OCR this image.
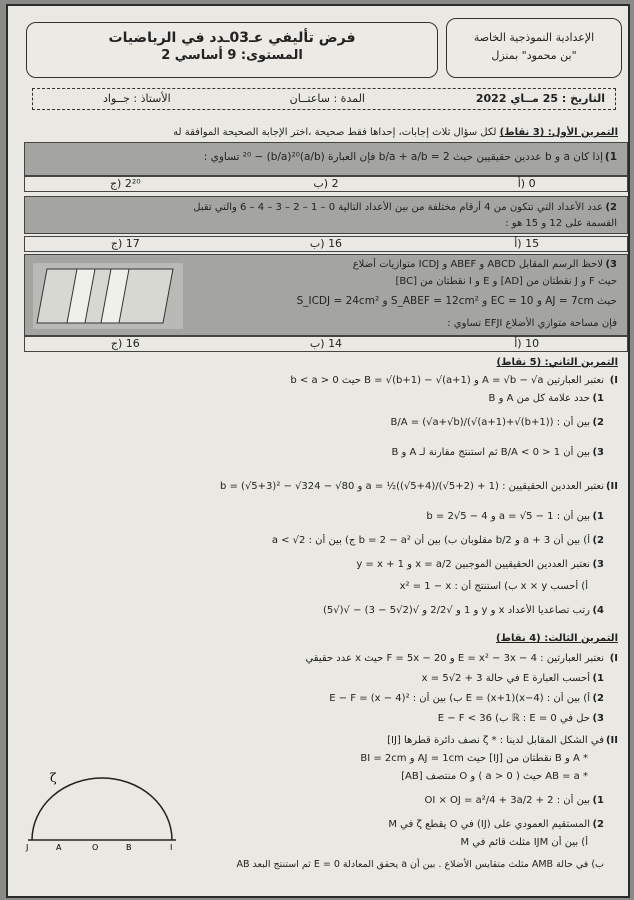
الإعدادية النموذجية الخاصة
"بن محمود" بمنزل
فرض تأليفي عـ03ـدد في الرياضيات
المستوى: 9 أساسي 2
التاريخ : 25 مــاي 2022
المدة : ساعتــان
الأستاذ : جــواد
التمرين الأول: (3 نقاط) لكل سؤال ثلاث إجابات، إحداها فقط صحيحة ،اختر الإجابة الصحيحة الموافقة له
1)إذا كان a و b عددين حقيقيين حيث 2 = b/a + a/b فإن العبارة (a/b)²⁰ − (b/a)²⁰ تساوي :
0 (أ
2 (ب
2²⁰ (ج
2)عدد الأعداد التي تتكون من 4 أرقام مختلفة من بين الأعداد التالية 0 – 1 – 2 – 3 – 4 – 6 والتي تقبل
القسمة على 12 و 15 هو :
15 (أ
16 (ب
17 (ج
3)لاحظ الرسم المقابل ABCD و ABEF و ICDJ متوازيات أضلاع
حيث F و J نقطتان من [AD] و E و I نقطتان من [BC]
حيث AJ = 7cm و EC = 10 و S_ABEF = 12cm² و S_ICDJ = 24cm²
فإن مساحة متوازي الأضلاع EFJI تساوي :
10 (أ
14 (ب
16 (ج
التمرين الثاني: (5 نقاط)
I)نعتبر العبارتين A = √b − √a و B = √(b+1) − √(a+1) حيث 0 < b < a
1)حدد علامة كل من A و B
2)بين أن : B/A = (√a+√b)/(√(a+1)+√(b+1))
3)بين أن 1 < B/A < 0 ثم استنتج مقارنة لـ A و B
II)نعتبر العددين الحقيقيين : a = ½((√5+4)/(√5+2) + 1) و b = (√5+3)² − √324 − √80
1)بين أن : a = √5 − 1 و b = 2√5 − 4
2)أ) بين أن a + 3 و b/2 مقلوبان ب) بين أن b = 2 − a² ج) بين أن : a < √2
3)نعتبر العددين الحقيقيين الموجبين x = a/2 و y = x + 1
أ) أحسب x × y ب) استنتج أن : x² = 1 − x
4)رتب تصاعديا الأعداد x و y و 1 و √2/2 و √(2√5 − 3) − √(√5)
التمرين الثالث: (4 نقاط)
I)نعتبر العبارتين : E = x² − 3x − 4 و F = 5x − 20 حيث x عدد حقيقي
1)أحسب العبارة E في حالة x = 5√2 + 3
2)أ) بين أن : E = (x+1)(x−4) ب) بين أن : E − F = (x − 4)²
3)حل في ℝ : E = 0 ب) E − F < 36
II)في الشكل المقابل لدينا : * ζ نصف دائرة قطرها [IJ]
* A و B نقطتان من [IJ] حيث AJ = 1cm و BI = 2cm
* AB = a حيث ( a > 0 ) و O منتصف [AB]
1)بين أن : OI × OJ = a²/4 + 3a/2 + 2
2)المستقيم العمودي على (IJ) في O يقطع ζ في M
أ) بين أن IJM مثلث قائم في M
ب) في حالة AMB مثلث متقايس الأضلاع . بين أن a يحقق المعادلة E = 0 ثم استنتج البعد AB
ζ
J	A	O	B	I
